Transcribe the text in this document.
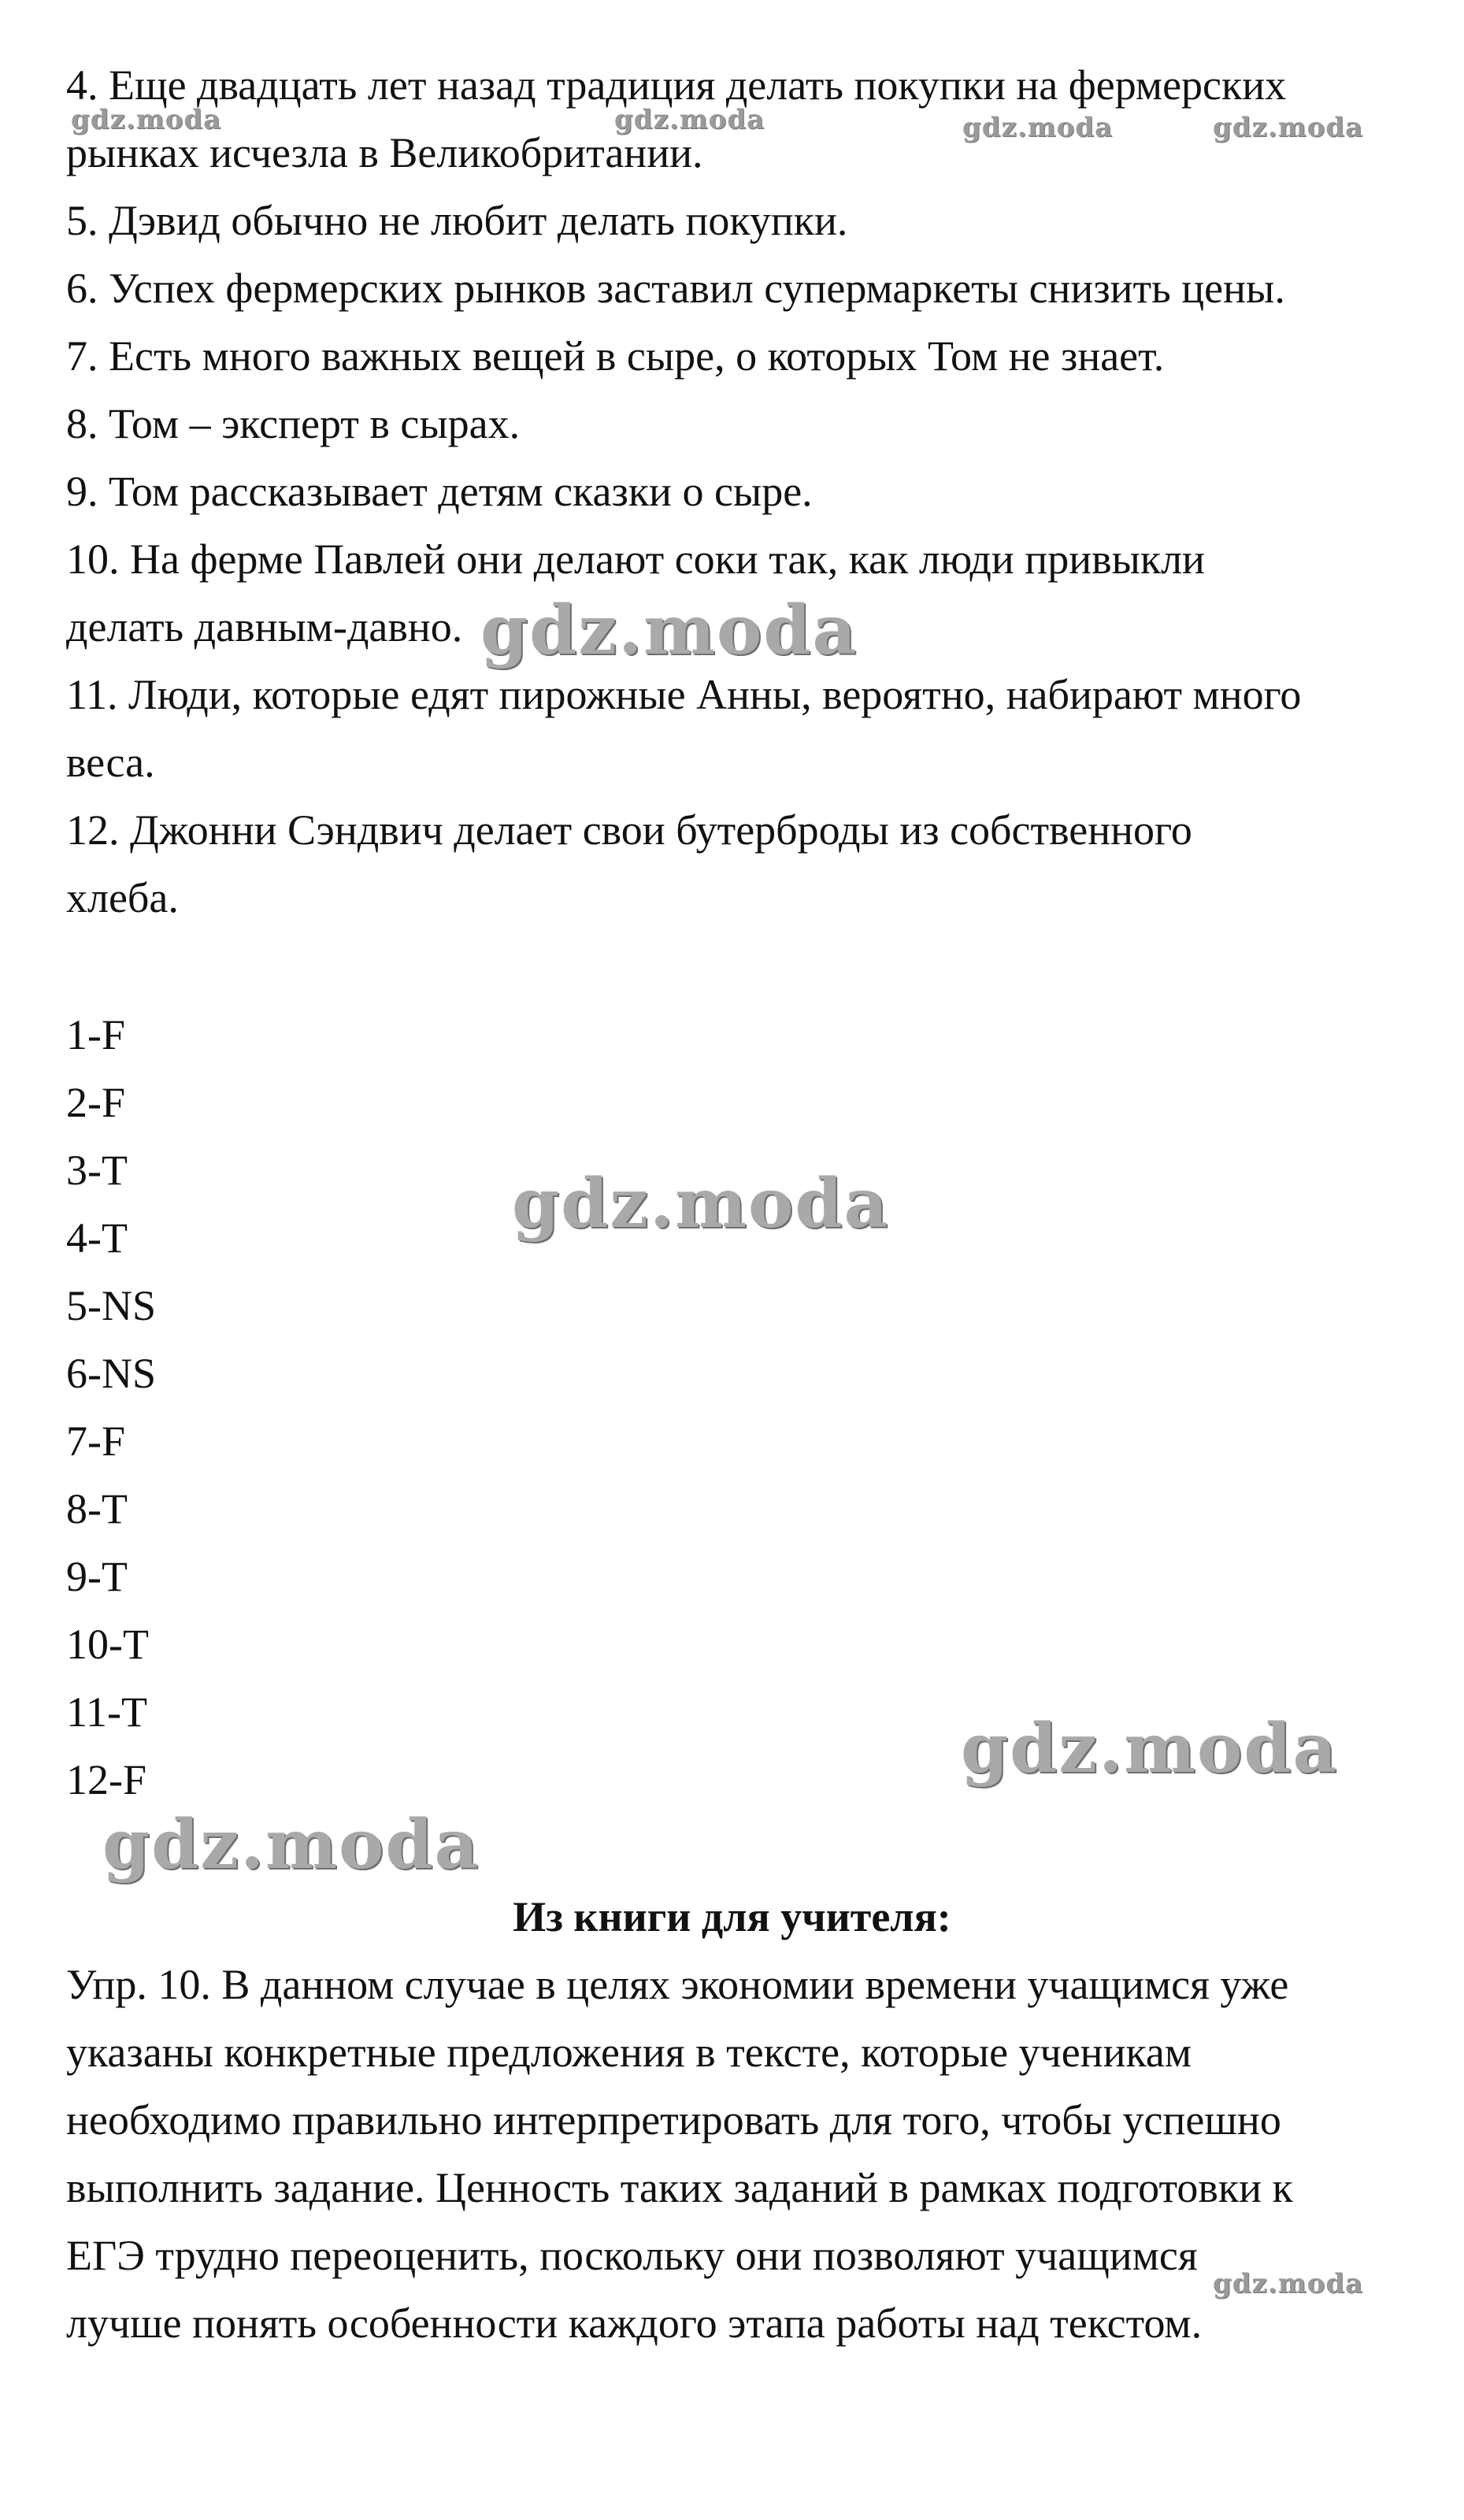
4. Еще двадцать лет назад традиция делать покупки на фермерских
рынках исчезла в Великобритании.
5. Дэвид обычно не любит делать покупки.
6. Успех фермерских рынков заставил супермаркеты снизить цены.
7. Есть много важных вещей в сыре, о которых Том не знает.
8. Том – эксперт в сырах.
9. Том рассказывает детям сказки о сыре.
10. На ферме Павлей они делают соки так, как люди привыкли
делать давным-давно.
11. Люди, которые едят пирожные Анны, вероятно, набирают много
веса.
12. Джонни Сэндвич делает свои бутерброды из собственного
хлеба.
1-F
2-F
3-T
4-T
5-NS
6-NS
7-F
8-T
9-T
10-T
11-T
12-F
Из книги для учителя:
Упр. 10. В данном случае в целях экономии времени учащимся уже
указаны конкретные предложения в тексте, которые ученикам
необходимо правильно интерпретировать для того, чтобы успешно
выполнить задание. Ценность таких заданий в рамках подготовки к
ЕГЭ трудно переоценить, поскольку они позволяют учащимся
лучше понять особенности каждого этапа работы над текстом.
gdz.moda	gdz.moda	gdz.moda	gdz.moda
gdz.moda
gdz.moda
gdz.moda
gdz.moda
gdz.moda
